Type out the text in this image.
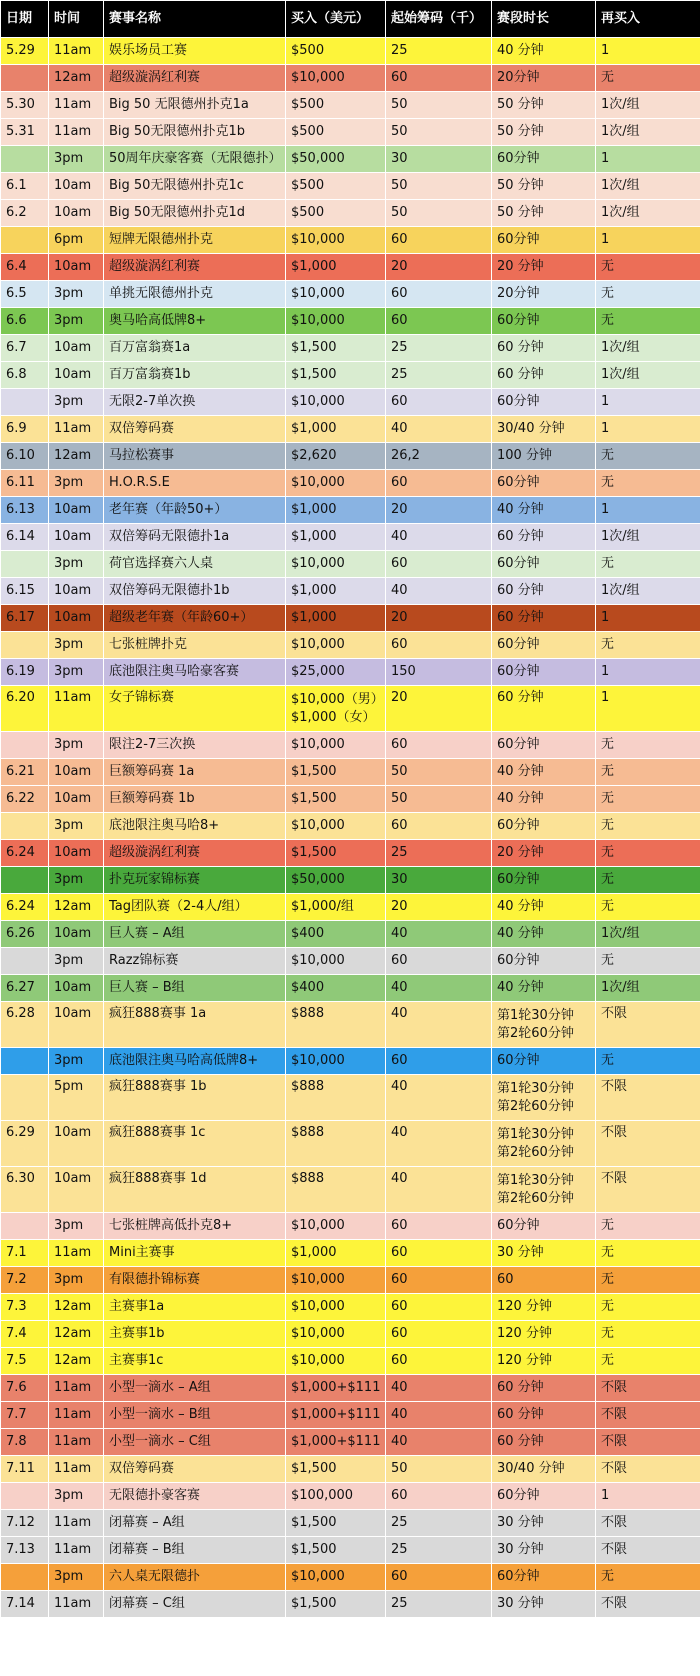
日期	时间	赛事名称	买入（美元）	起始筹码（千）	赛段时长	再买入
5.29	11am	娱乐场员工赛	$500	25	40 分钟	1
	12am	超级漩涡红利赛	$10,000	60	20分钟	无
5.30	11am	Big 50 无限德州扑克1a	$500	50	50 分钟	1次/组
5.31	11am	Big 50无限德州扑克1b	$500	50	50 分钟	1次/组
	3pm	50周年庆豪客赛（无限德扑）	$50,000	30	60分钟	1
6.1	10am	Big 50无限德州扑克1c	$500	50	50 分钟	1次/组
6.2	10am	Big 50无限德州扑克1d	$500	50	50 分钟	1次/组
	6pm	短牌无限德州扑克	$10,000	60	60分钟	1
6.4	10am	超级漩涡红利赛	$1,000	20	20 分钟	无
6.5	3pm	单挑无限德州扑克	$10,000	60	20分钟	无
6.6	3pm	奥马哈高低牌8+	$10,000	60	60分钟	无
6.7	10am	百万富翁赛1a	$1,500	25	60 分钟	1次/组
6.8	10am	百万富翁赛1b	$1,500	25	60 分钟	1次/组
	3pm	无限2-7单次换	$10,000	60	60分钟	1
6.9	11am	双倍筹码赛	$1,000	40	30/40 分钟	1
6.10	12am	马拉松赛事	$2,620	26,2	100 分钟	无
6.11	3pm	H.O.R.S.E	$10,000	60	60分钟	无
6.13	10am	老年赛（年龄50+）	$1,000	20	40 分钟	1
6.14	10am	双倍筹码无限德扑1a	$1,000	40	60 分钟	1次/组
	3pm	荷官选择赛六人桌	$10,000	60	60分钟	无
6.15	10am	双倍筹码无限德扑1b	$1,000	40	60 分钟	1次/组
6.17	10am	超级老年赛（年龄60+）	$1,000	20	60 分钟	1
	3pm	七张桩牌扑克	$10,000	60	60分钟	无
6.19	3pm	底池限注奥马哈豪客赛	$25,000	150	60分钟	1
6.20	11am	女子锦标赛	$10,000（男）
$1,000（女）	20	60 分钟	1
	3pm	限注2-7三次换	$10,000	60	60分钟	无
6.21	10am	巨额筹码赛 1a	$1,500	50	40 分钟	无
6.22	10am	巨额筹码赛 1b	$1,500	50	40 分钟	无
	3pm	底池限注奥马哈8+	$10,000	60	60分钟	无
6.24	10am	超级漩涡红利赛	$1,500	25	20 分钟	无
	3pm	扑克玩家锦标赛	$50,000	30	60分钟	无
6.24	12am	Tag团队赛（2-4人/组）	$1,000/组	20	40 分钟	无
6.26	10am	巨人赛 – A组	$400	40	40 分钟	1次/组
	3pm	Razz锦标赛	$10,000	60	60分钟	无
6.27	10am	巨人赛 – B组	$400	40	40 分钟	1次/组
6.28	10am	疯狂888赛事 1a	$888	40	第1轮30分钟
第2轮60分钟	不限
	3pm	底池限注奥马哈高低牌8+	$10,000	60	60分钟	无
	5pm	疯狂888赛事 1b	$888	40	第1轮30分钟
第2轮60分钟	不限
6.29	10am	疯狂888赛事 1c	$888	40	第1轮30分钟
第2轮60分钟	不限
6.30	10am	疯狂888赛事 1d	$888	40	第1轮30分钟
第2轮60分钟	不限
	3pm	七张桩牌高低扑克8+	$10,000	60	60分钟	无
7.1	11am	Mini主赛事	$1,000	60	30 分钟	无
7.2	3pm	有限德扑锦标赛	$10,000	60	60	无
7.3	12am	主赛事1a	$10,000	60	120 分钟	无
7.4	12am	主赛事1b	$10,000	60	120 分钟	无
7.5	12am	主赛事1c	$10,000	60	120 分钟	无
7.6	11am	小型一滴水 – A组	$1,000+$111	40	60 分钟	不限
7.7	11am	小型一滴水 – B组	$1,000+$111	40	60 分钟	不限
7.8	11am	小型一滴水 – C组	$1,000+$111	40	60 分钟	不限
7.11	11am	双倍筹码赛	$1,500	50	30/40 分钟	不限
	3pm	无限德扑豪客赛	$100,000	60	60分钟	1
7.12	11am	闭幕赛 – A组	$1,500	25	30 分钟	不限
7.13	11am	闭幕赛 – B组	$1,500	25	30 分钟	不限
	3pm	六人桌无限德扑	$10,000	60	60分钟	无
7.14	11am	闭幕赛 – C组	$1,500	25	30 分钟	不限
